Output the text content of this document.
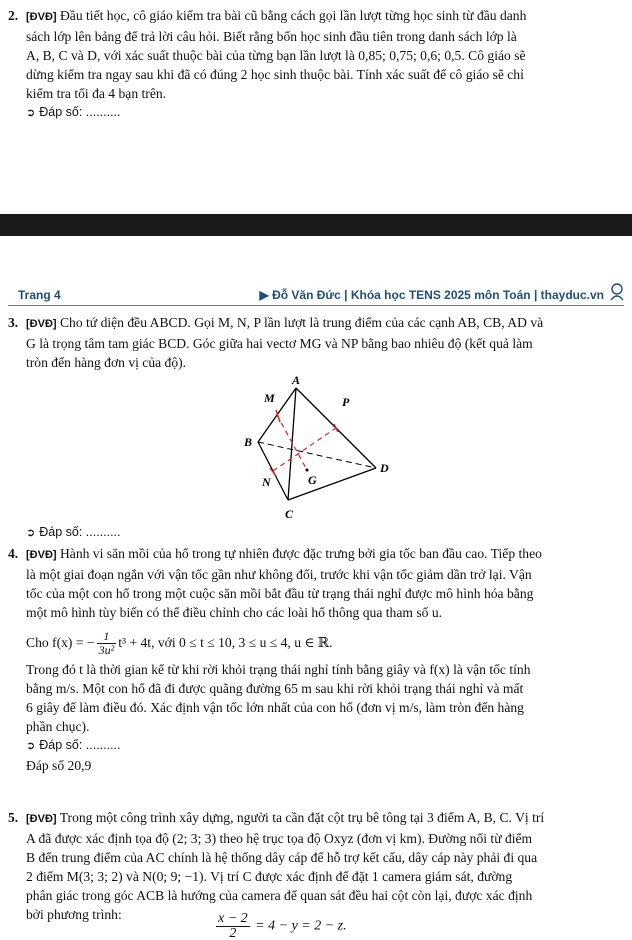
2. [ĐVĐ] Đầu tiết học, cô giáo kiểm tra bài cũ bằng cách gọi lần lượt từng học sinh từ đầu danh
sách lớp lên bảng để trả lời câu hỏi. Biết rằng bốn học sinh đầu tiên trong danh sách lớp là
A, B, C và D, với xác suất thuộc bài của từng bạn lần lượt là 0,85; 0,75; 0,6; 0,5. Cô giáo sẽ
dừng kiểm tra ngay sau khi đã có đúng 2 học sinh thuộc bài. Tính xác suất để cô giáo sẽ chỉ
kiểm tra tối đa 4 bạn trên.
➲ Đáp số: ..........
Trang 4	▶ Đỗ Văn Đức | Khóa học TENS 2025 môn Toán | thayduc.vn
3. [ĐVĐ] Cho tứ diện đều ABCD. Gọi M, N, P lần lượt là trung điểm của các cạnh AB, CB, AD và
G là trọng tâm tam giác BCD. Góc giữa hai vectơ MG và NP bằng bao nhiêu độ (kết quả làm
tròn đến hàng đơn vị của độ).
A
B
C
D
M
N
P
G
➲ Đáp số: ..........
4. [ĐVĐ] Hành vi săn mồi của hổ trong tự nhiên được đặc trưng bởi gia tốc ban đầu cao. Tiếp theo
là một giai đoạn ngắn với vận tốc gần như không đổi, trước khi vận tốc giảm dần trở lại. Vận
tốc của một con hổ trong một cuộc săn mồi bắt đầu từ trạng thái nghỉ được mô hình hóa bằng
một mô hình tùy biến có thể điều chỉnh cho các loài hổ thông qua tham số u.
Cho f(x) = − $\frac{1}{\text{3u²}} t^3 + 4t$, với 0 ≤ t ≤ 10, 3 ≤ u ≤ 4, u ∈ ℝ.
Trong đó t là thời gian kể từ khi rời khỏi trạng thái nghỉ tính bằng giây và f(x) là vận tốc tính
bằng m/s. Một con hổ đã đi được quãng đường 65 m sau khi rời khỏi trạng thái nghỉ và mất
6 giây để làm điều đó. Xác định vận tốc lớn nhất của con hổ (đơn vị m/s, làm tròn đến hàng
phần chục).
➲ Đáp số: ..........
Đáp số 20,9
5. [ĐVĐ] Trong một công trình xây dựng, người ta cần đặt cột trụ bê tông tại 3 điểm A, B, C. Vị trí
A đã được xác định tọa độ (2; 3; 3) theo hệ trục tọa độ Oxyz (đơn vị km). Đường nối từ điểm
B đến trung điểm của AC chính là hệ thống dây cáp để hỗ trợ kết cấu, dây cáp này phải đi qua
2 điểm M(3; 3; 2) và N(0; 9; −1). Vị trí C được xác định để đặt 1 camera giám sát, đường
phân giác trong góc ACB là hướng của camera để quan sát đều hai cột còn lại, được xác định
bởi phương trình:	$\frac{x - 2}{2} = 4 - y = 2 - z$.
